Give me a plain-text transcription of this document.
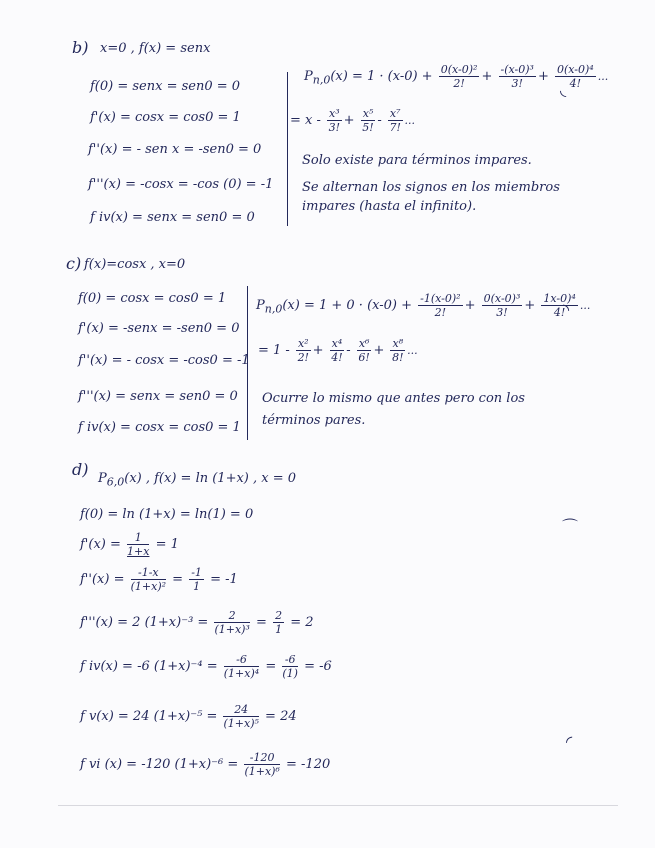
b) x=0 , f(x) = senx
f(0) = senx = sen0 = 0
f'(x) = cosx = cos0 = 1
f''(x) = - sen x = -sen0 = 0
f'''(x) = -cosx = -cos (0) = -1
f iv(x) = senx = sen0 = 0
$P_{n,0}(x) = 1 \cdot (x-0) + \frac{\text{0(x-0)²}}{2!} + \frac{\text{-(x-0)³}}{3!} + \frac{\text{0(x-0)⁴}}{4!}$ ...
= $x - \frac{\text{x³}}{3!} + \frac{\text{x⁵}}{5!} - \frac{\text{x⁷}}{7!}$ ...
Solo existe para términos impares.
Se alternan los signos en los miembros
impares (hasta el infinito).
◟
c) f(x)=cosx , x=0
f(0) = cosx = cos0 = 1
f'(x) = -senx = -sen0 = 0
f''(x) = - cosx = -cos0 = -1
f'''(x) = senx = sen0 = 0
f iv(x) = cosx = cos0 = 1
$P_{n,0}(x) = 1 + 0 \cdot (x-0) + \frac{\text{-1(x-0)²}}{2!} + \frac{\text{0(x-0)³}}{3!} + \frac{\text{1x-0)⁴}}{4!}$ ...
= $1 - \frac{\text{x²}}{2!} + \frac{\text{x⁴}}{4!} - \frac{\text{x⁶}}{6!} + \frac{\text{x⁸}}{8!}$ ...
Ocurre lo mismo que antes pero con los
términos pares.
◝
d) $P_{6,0}(x)$ , f(x) = ln (1+x) , x = 0
f(0) = ln (1+x) = ln(1) = 0
$f'(x) = \frac{1}{1+x} = 1$
$f''(x) = \frac{-1-x}{\text{(1+x)²}} = \frac{-1}{1} = -1$
f'''(x) = 2 $(1+x)^{-3} = \frac{2}{\text{(1+x)³}} = \frac{2}{1} = 2$
f iv(x) = -6 $(1+x)^{-4} = \frac{-6}{\text{(1+x)⁴}} = \frac{-6}{(1)} = -6$
f v(x) = 24 $(1+x)^{-5} = \frac{24}{\text{(1+x)⁵}} = 24$
f vi (x) = -120 $(1+x)^{-6} = \frac{-120}{\text{(1+x)⁶}} = -120$
⌒
◜
